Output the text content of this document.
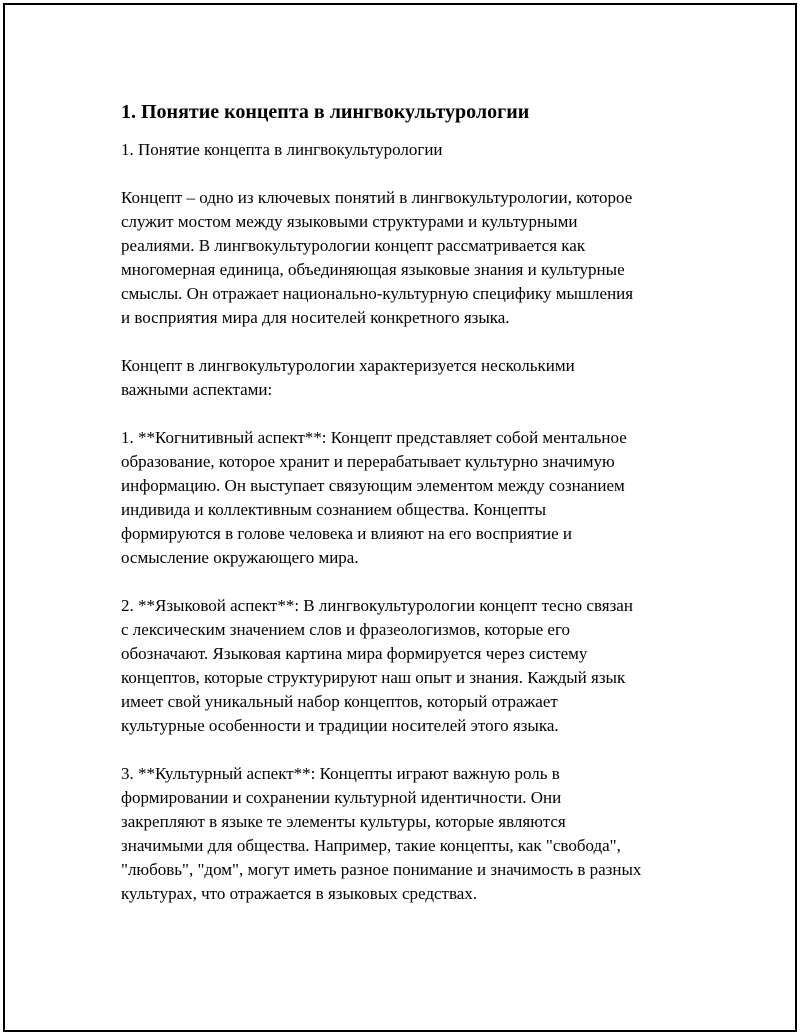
1. Понятие концепта в лингвокультурологии

1. Понятие концепта в лингвокультурологии

Концепт – одно из ключевых понятий в лингвокультурологии, которое
служит мостом между языковыми структурами и культурными
реалиями. В лингвокультурологии концепт рассматривается как
многомерная единица, объединяющая языковые знания и культурные
смыслы. Он отражает национально-культурную специфику мышления
и восприятия мира для носителей конкретного языка.

Концепт в лингвокультурологии характеризуется несколькими
важными аспектами:

1. **Когнитивный аспект**: Концепт представляет собой ментальное
образование, которое хранит и перерабатывает культурно значимую
информацию. Он выступает связующим элементом между сознанием
индивида и коллективным сознанием общества. Концепты
формируются в голове человека и влияют на его восприятие и
осмысление окружающего мира.

2. **Языковой аспект**: В лингвокультурологии концепт тесно связан
с лексическим значением слов и фразеологизмов, которые его
обозначают. Языковая картина мира формируется через систему
концептов, которые структурируют наш опыт и знания. Каждый язык
имеет свой уникальный набор концептов, который отражает
культурные особенности и традиции носителей этого языка.

3. **Культурный аспект**: Концепты играют важную роль в
формировании и сохранении культурной идентичности. Они
закрепляют в языке те элементы культуры, которые являются
значимыми для общества. Например, такие концепты, как "свобода",
"любовь", "дом", могут иметь разное понимание и значимость в разных
культурах, что отражается в языковых средствах.
